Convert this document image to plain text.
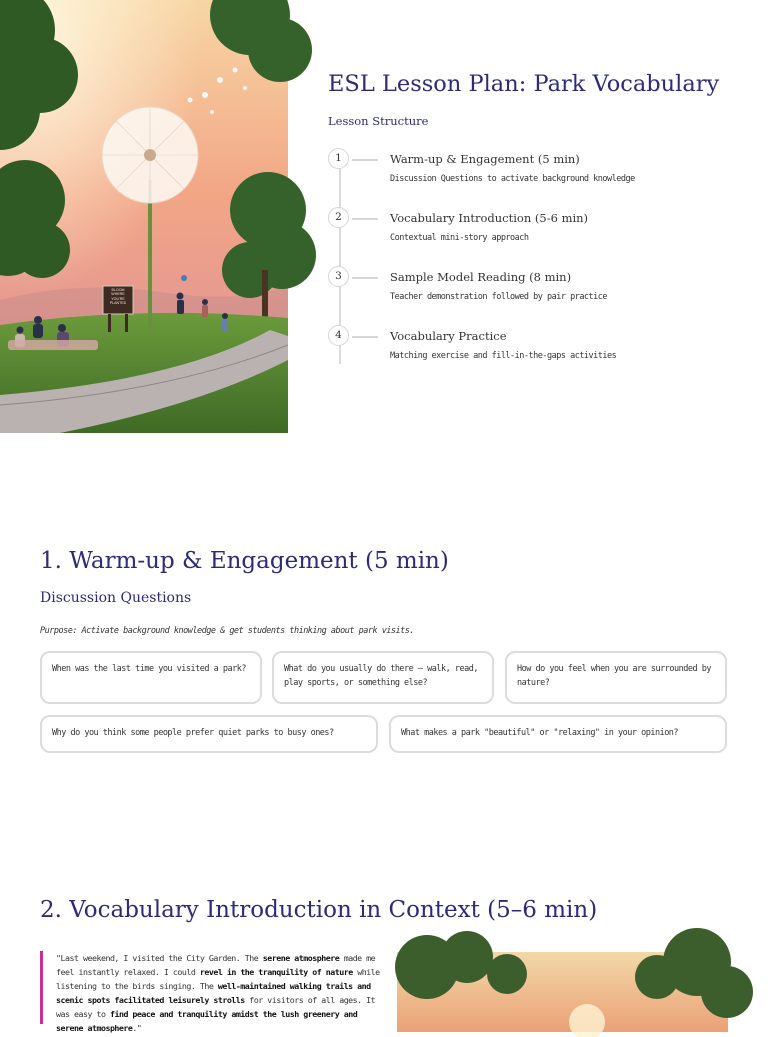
BLOOM
WHERE
YOU'RE
PLANTED
ESL Lesson Plan: Park Vocabulary
Lesson Structure
1	Warm-up & Engagement (5 min)
Discussion Questions to activate background knowledge
2	Vocabulary Introduction (5-6 min)
Contextual mini-story approach
3	Sample Model Reading (8 min)
Teacher demonstration followed by pair practice
4	Vocabulary Practice
Matching exercise and fill-in-the-gaps activities
1. Warm-up & Engagement (5 min)
Discussion Questions
Purpose: Activate background knowledge & get students thinking about park visits.
When was the last time you visited a park?	What do you usually do there — walk, read, play sports, or something else?
How do you feel when you are surrounded by nature?
Why do you think some people prefer quiet parks to busy ones?	What makes a park "beautiful" or "relaxing" in your opinion?
2. Vocabulary Introduction in Context (5–6 min)
"Last weekend, I visited the City Garden. The serene atmosphere made me feel instantly relaxed. I could revel in the tranquility of nature while listening to the birds singing. The well-maintained walking trails and scenic spots facilitated leisurely strolls for visitors of all ages. It was easy to find peace and tranquility amidst the lush greenery and serene atmosphere."
